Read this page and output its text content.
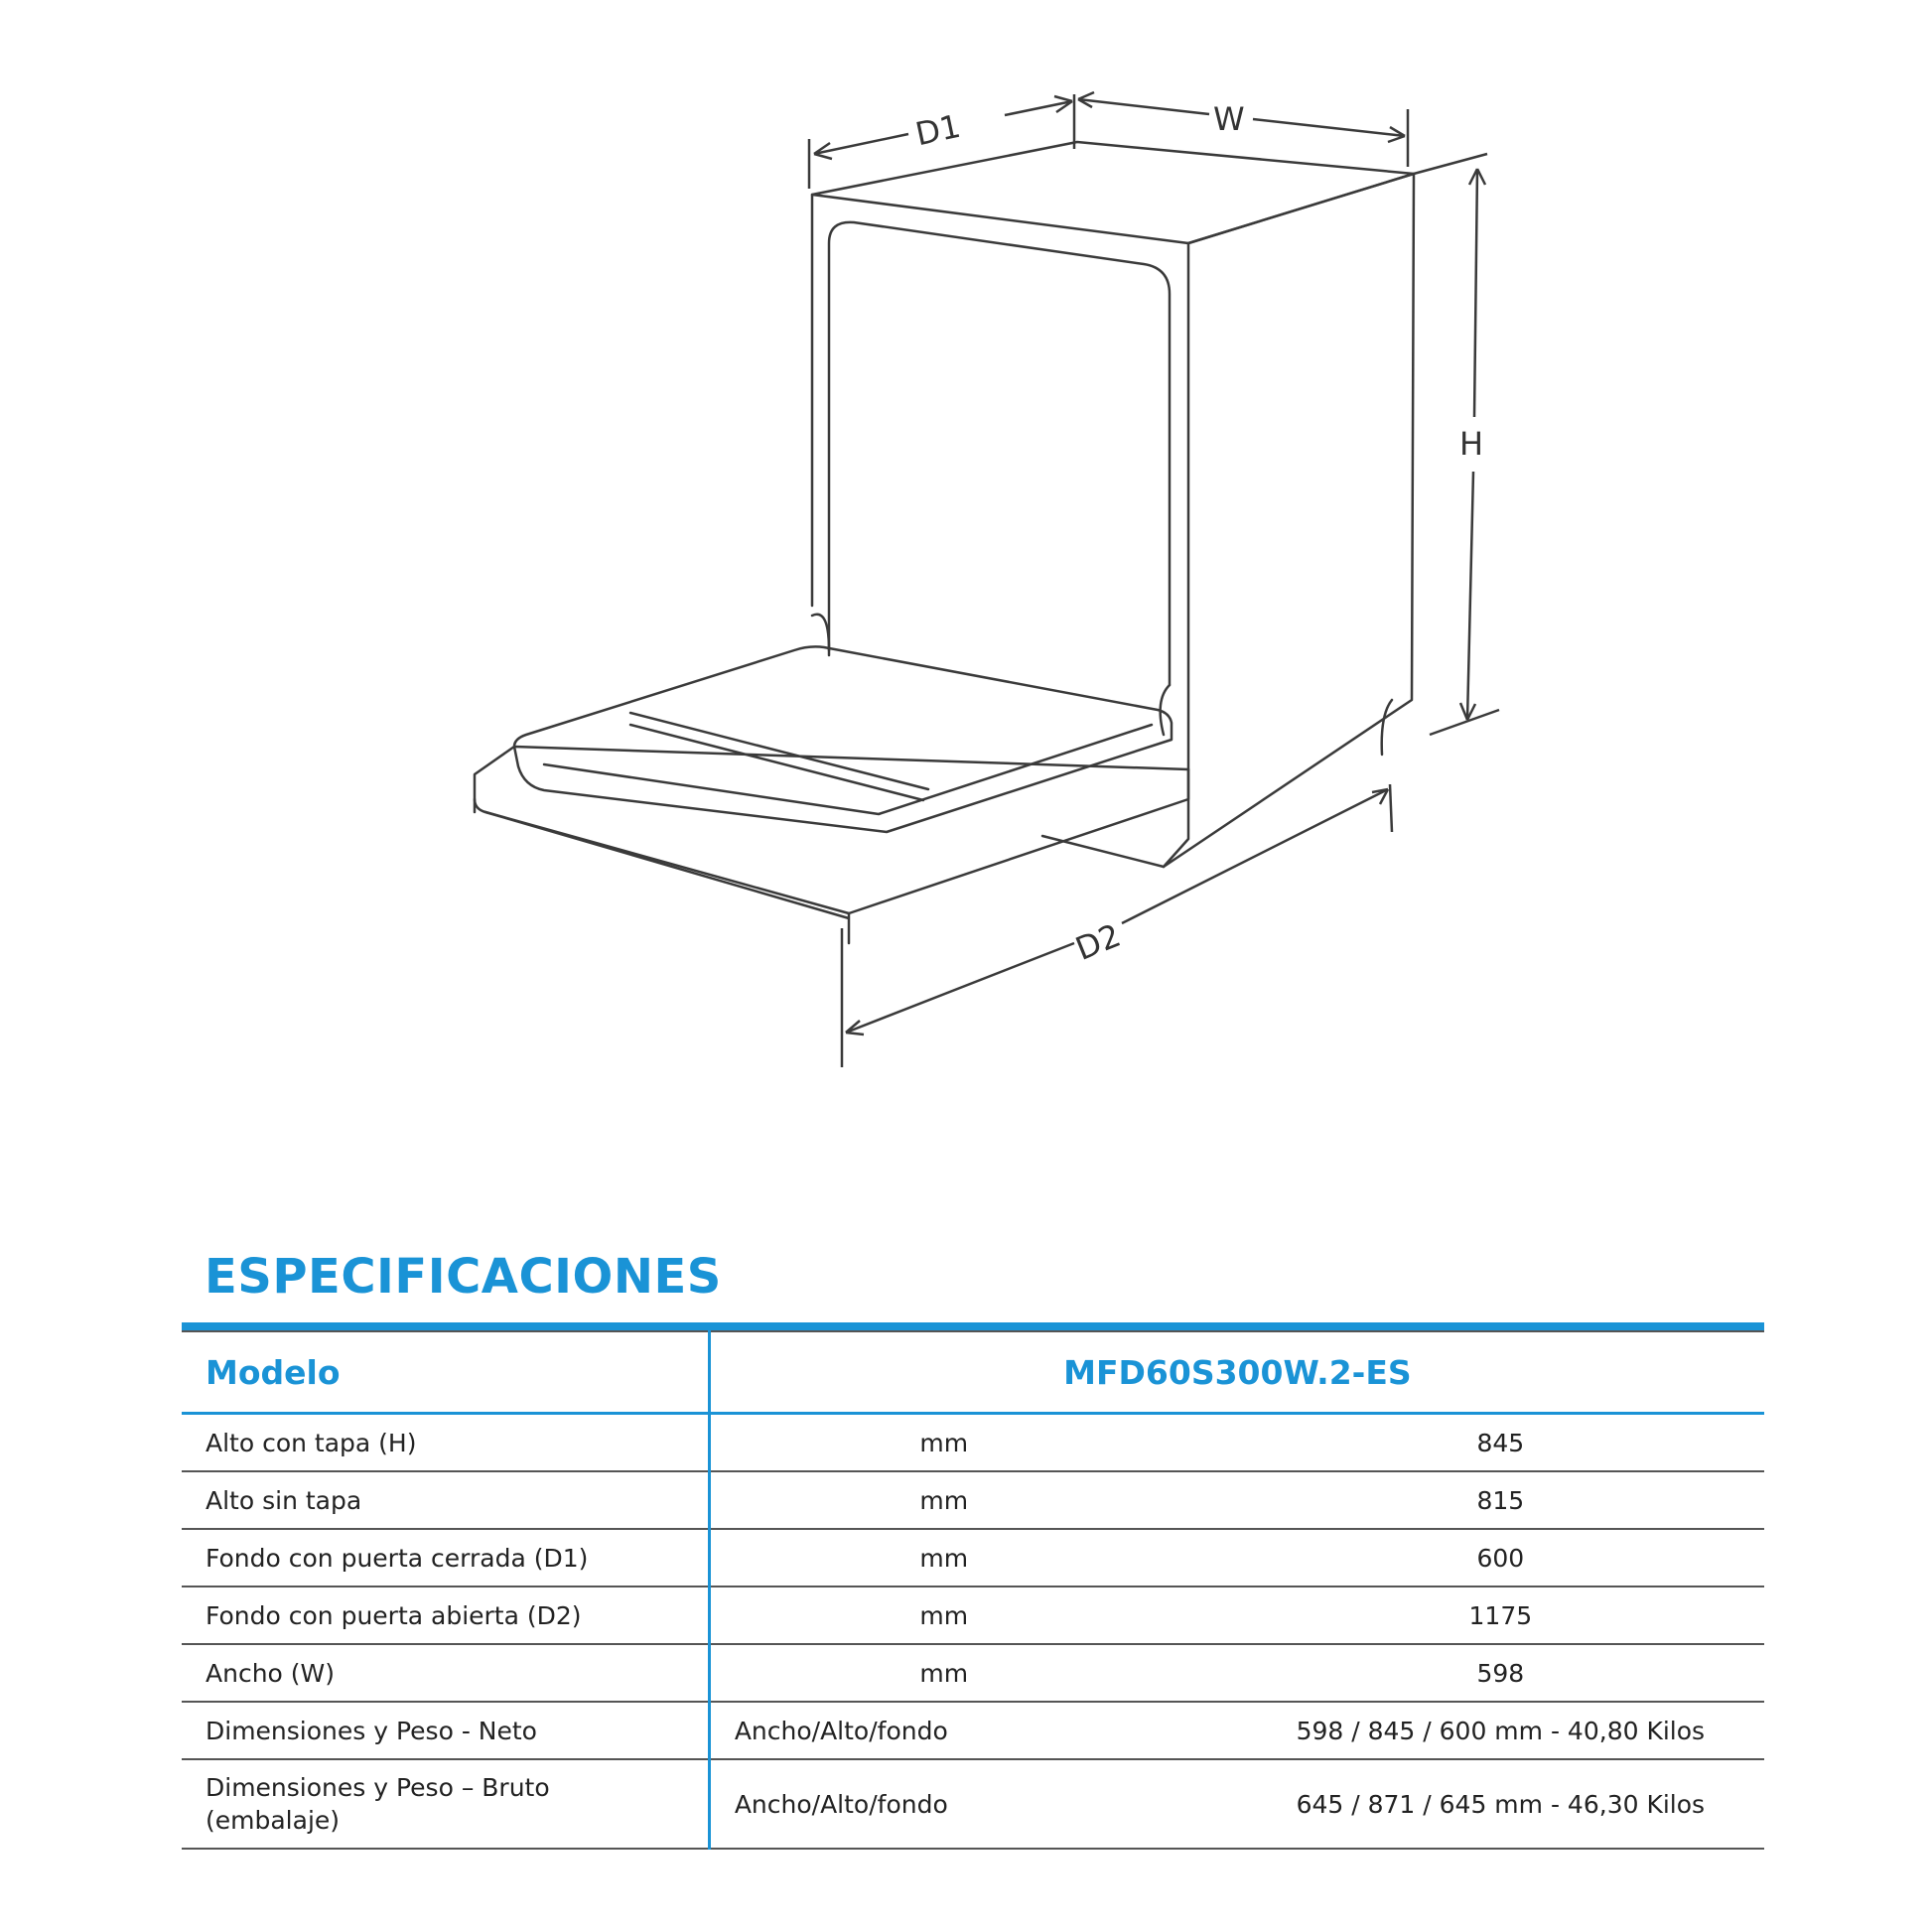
D1	W
H
D2
ESPECIFICACIONES

Modelo	MFD60S300W.2-ES	
Alto con tapa (H)	mm	845
Alto sin tapa	mm	815
Fondo con puerta cerrada (D1)	mm	600
Fondo con puerta abierta (D2)	mm	1175
Ancho (W)	mm	598
Dimensiones y Peso - Neto	Ancho/Alto/fondo	598 / 845 / 600 mm - 40,80 Kilos
Dimensiones y Peso – Bruto
(embalaje)	Ancho/Alto/fondo	645 / 871 / 645 mm - 46,30 Kilos
